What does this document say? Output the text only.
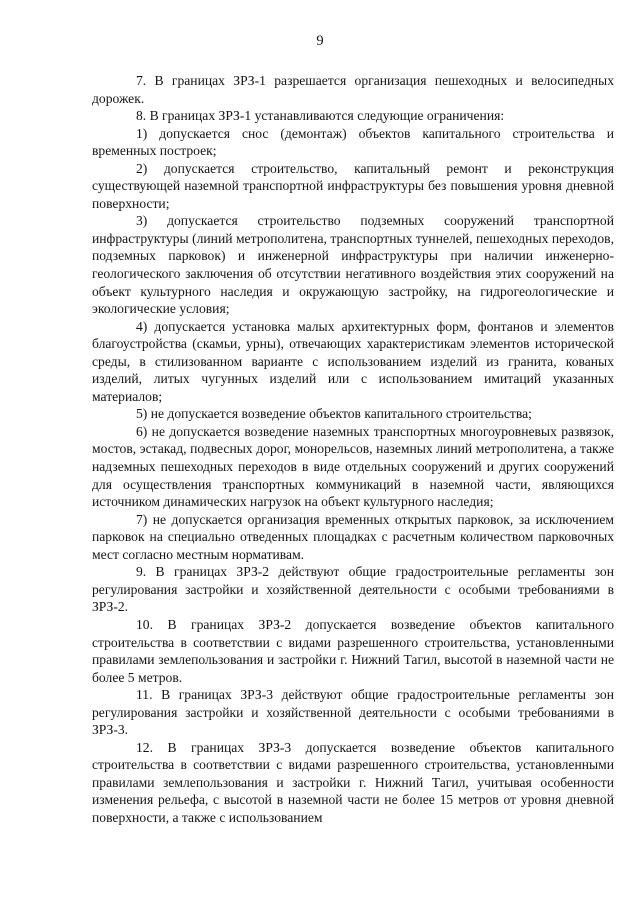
9

7. В границах ЗРЗ-1 разрешается организация пешеходных и велосипедных дорожек.

8. В границах ЗРЗ-1 устанавливаются следующие ограничения:

1) допускается снос (демонтаж) объектов капитального строительства и временных построек;

2) допускается строительство, капитальный ремонт и реконструкция существующей наземной транспортной инфраструктуры без повышения уровня дневной поверхности;

3) допускается строительство подземных сооружений транспортной инфраструктуры (линий метрополитена, транспортных туннелей, пешеходных переходов, подземных парковок) и инженерной инфраструктуры при наличии инженерно-геологического заключения об отсутствии негативного воздействия этих сооружений на объект культурного наследия и окружающую застройку, на гидрогеологические и экологические условия;

4) допускается установка малых архитектурных форм, фонтанов и элементов благоустройства (скамьи, урны), отвечающих характеристикам элементов исторической среды, в стилизованном варианте с использованием изделий из гранита, кованых изделий, литых чугунных изделий или с использованием имитаций указанных материалов;

5) не допускается возведение объектов капитального строительства;

6) не допускается возведение наземных транспортных многоуровневых развязок, мостов, эстакад, подвесных дорог, монорельсов, наземных линий метрополитена, а также надземных пешеходных переходов в виде отдельных сооружений и других сооружений для осуществления транспортных коммуникаций в наземной части, являющихся источником динамических нагрузок на объект культурного наследия;

7) не допускается организация временных открытых парковок, за исключением парковок на специально отведенных площадках с расчетным количеством парковочных мест согласно местным нормативам.

9. В границах ЗРЗ-2 действуют общие градостроительные регламенты зон регулирования застройки и хозяйственной деятельности с особыми требованиями в ЗРЗ-2.

10. В границах ЗРЗ-2 допускается возведение объектов капитального строительства в соответствии с видами разрешенного строительства, установленными правилами землепользования и застройки г. Нижний Тагил, высотой в наземной части не более 5 метров.

11. В границах ЗРЗ-3 действуют общие градостроительные регламенты зон регулирования застройки и хозяйственной деятельности с особыми требованиями в ЗРЗ-3.

12. В границах ЗРЗ-3 допускается возведение объектов капитального строительства в соответствии с видами разрешенного строительства, установленными правилами землепользования и застройки г. Нижний Тагил, учитывая особенности изменения рельефа, с высотой в наземной части не более 15 метров от уровня дневной поверхности, а также с использованием
